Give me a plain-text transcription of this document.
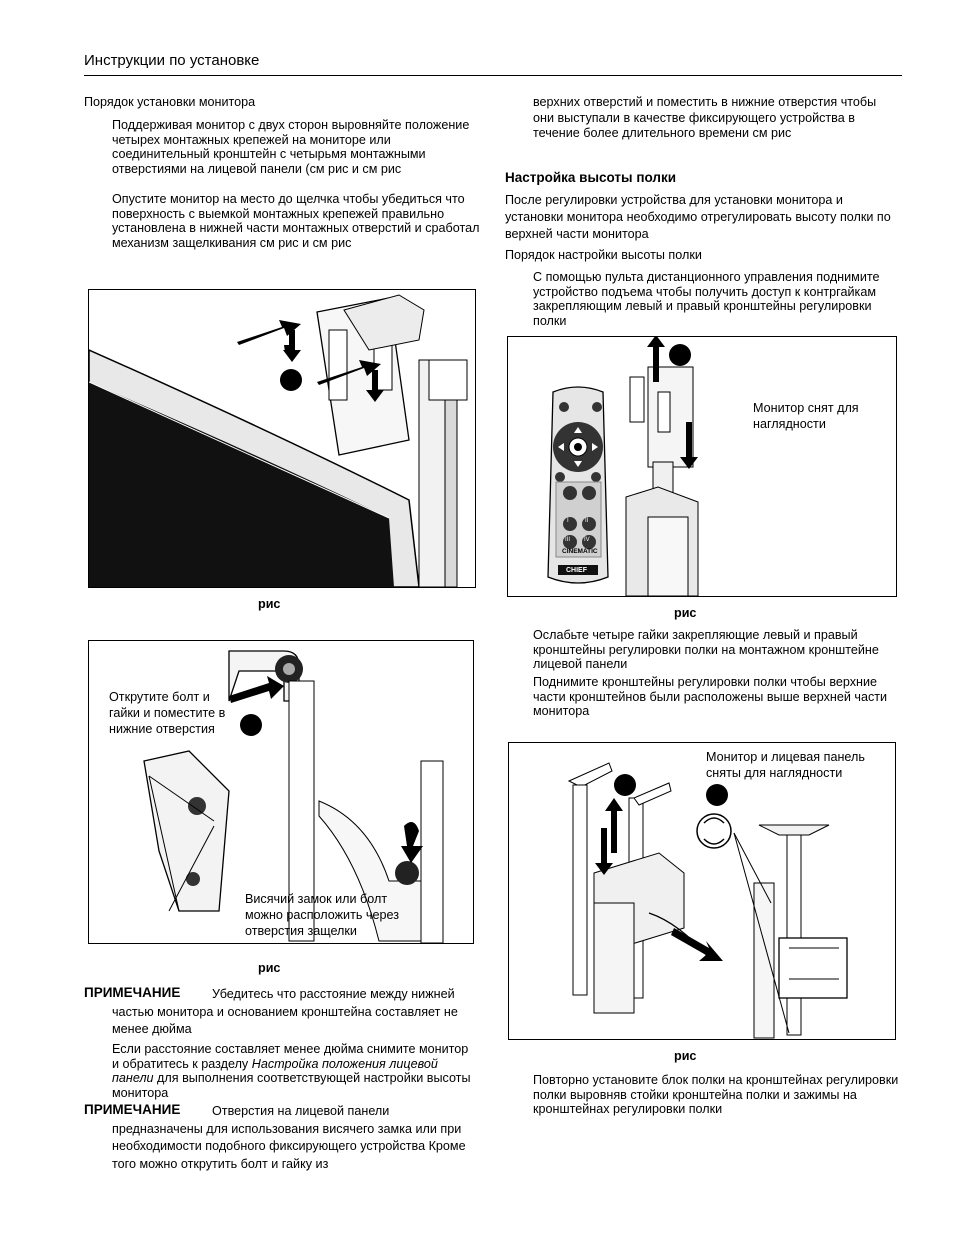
Инструкции по установке
Порядок установки монитора
Поддерживая монитор с двух сторон выровняйте положение четырех монтажных крепежей на мониторе или соединительный кронштейн с четырьмя монтажными отверстиями на лицевой панели (см рис и см рис
Опустите монитор на место до щелчка чтобы убедиться что поверхность с выемкой монтажных крепежей правильно установлена в нижней части монтажных отверстий и сработал механизм защелкивания см рис и см рис
рис
Открутите болт и гайки и поместите в нижние отверстия
Висячий замок или болт можно расположить через отверстия защелки
рис
ПРИМЕЧАНИЕ	Убедитесь что расстояние между нижней частью монитора и основанием кронштейна составляет не менее дюйма
Если расстояние составляет менее дюйма снимите монитор и обратитесь к разделу Настройка положения лицевой панели для выполнения соответствующей настройки высоты монитора
ПРИМЕЧАНИЕ	Отверстия на лицевой панели предназначены для использования висячего замка или при необходимости подобного фиксирующего устройства Кроме того можно открутить болт и гайку из
верхних отверстий и поместить в нижние отверстия чтобы они выступали в качестве фиксирующего устройства в течение более длительного времени см рис
Настройка высоты полки
После регулировки устройства для установки монитора и установки монитора необходимо отрегулировать высоту полки по верхней части монитора
Порядок настройки высоты полки
С помощью пульта дистанционного управления поднимите устройство подъема чтобы получить доступ к контргайкам закрепляющим левый и правый кронштейны регулировки полки
Монитор снят для наглядности
рис
Ослабьте четыре гайки закрепляющие левый и правый кронштейны регулировки полки на монтажном кронштейне лицевой панели
Поднимите кронштейны регулировки полки чтобы верхние части кронштейнов были расположены выше верхней части монитора
Монитор и лицевая панель сняты для наглядности
рис
Повторно установите блок полки на кронштейнах регулировки полки выровняв стойки кронштейна полки и зажимы на кронштейнах регулировки полки
CINEMATIC
CHIEF
I	II
III IV
